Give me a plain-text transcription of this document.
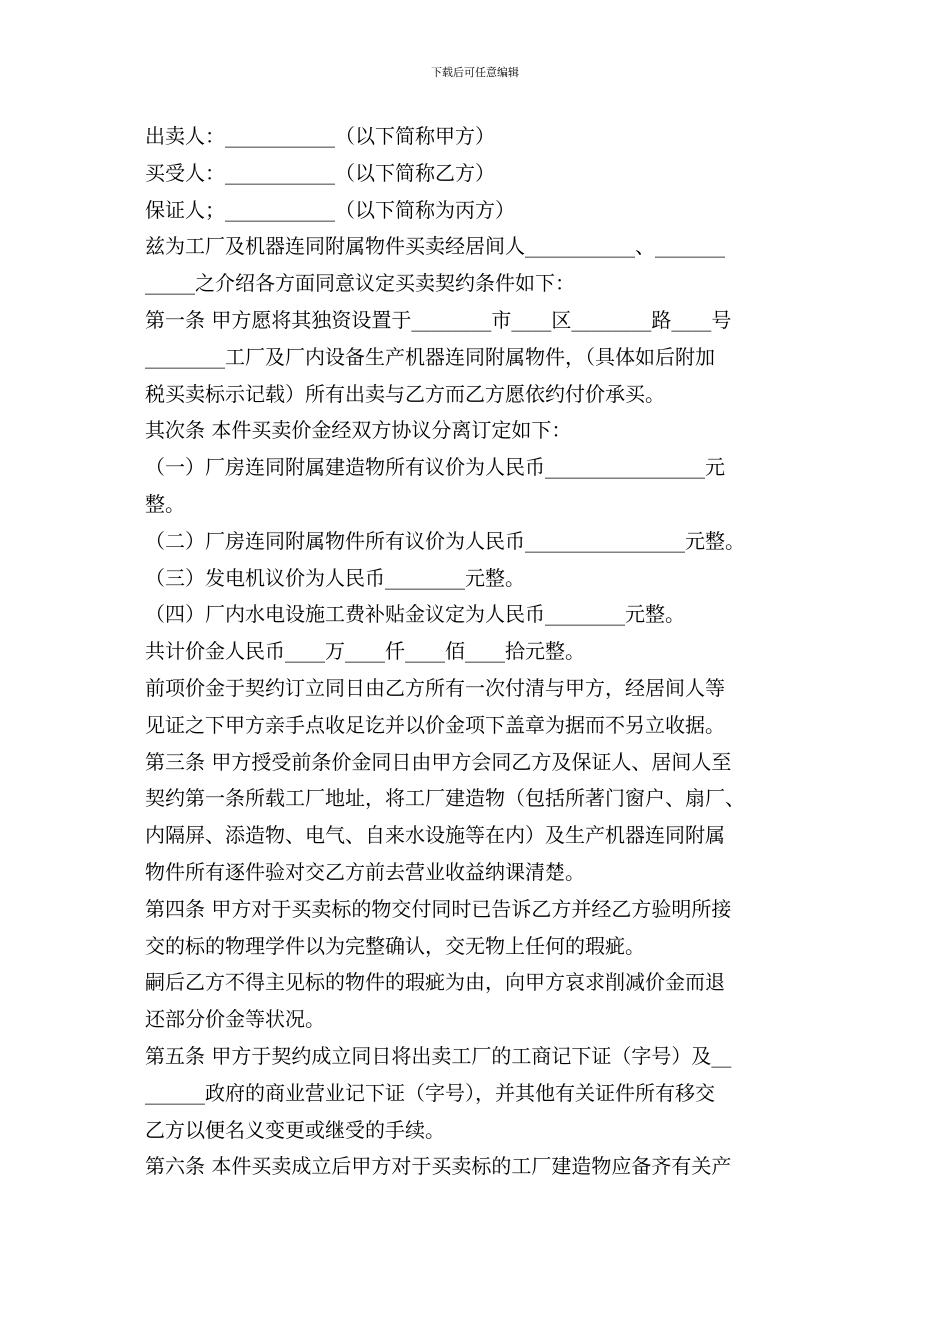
下载后可任意编辑
出卖人：___________（以下简称甲方）
买受人：___________（以下简称乙方）
保证人；___________（以下简称为丙方）
兹为工厂及机器连同附属物件买卖经居间人___________、_______
_____之介绍各方面同意议定买卖契约条件如下：
第一条 甲方愿将其独资设置于________市____区________路____号
________工厂及厂内设备生产机器连同附属物件，（具体如后附加
税买卖标示记载）所有出卖与乙方而乙方愿依约付价承买。
其次条 本件买卖价金经双方协议分离订定如下：
（一）厂房连同附属建造物所有议价为人民币________________元
整。
（二）厂房连同附属物件所有议价为人民币________________元整。
（三）发电机议价为人民币________元整。
（四）厂内水电设施工费补贴金议定为人民币________元整。
共计价金人民币____万____仟____佰____拾元整。
前项价金于契约订立同日由乙方所有一次付清与甲方，经居间人等
见证之下甲方亲手点收足讫并以价金项下盖章为据而不另立收据。
第三条 甲方授受前条价金同日由甲方会同乙方及保证人、居间人至
契约第一条所载工厂地址，将工厂建造物（包括所著门窗户、扇厂、
内隔屏、添造物、电气、自来水设施等在内）及生产机器连同附属
物件所有逐件验对交乙方前去营业收益纳课清楚。
第四条 甲方对于买卖标的物交付同时已告诉乙方并经乙方验明所接
交的标的物理学件以为完整确认，交无物上任何的瑕疵。
嗣后乙方不得主见标的物件的瑕疵为由，向甲方哀求削减价金而退
还部分价金等状况。
第五条 甲方于契约成立同日将出卖工厂的工商记下证（字号）及__
______政府的商业营业记下证（字号），并其他有关证件所有移交
乙方以便名义变更或继受的手续。
第六条 本件买卖成立后甲方对于买卖标的工厂建造物应备齐有关产
